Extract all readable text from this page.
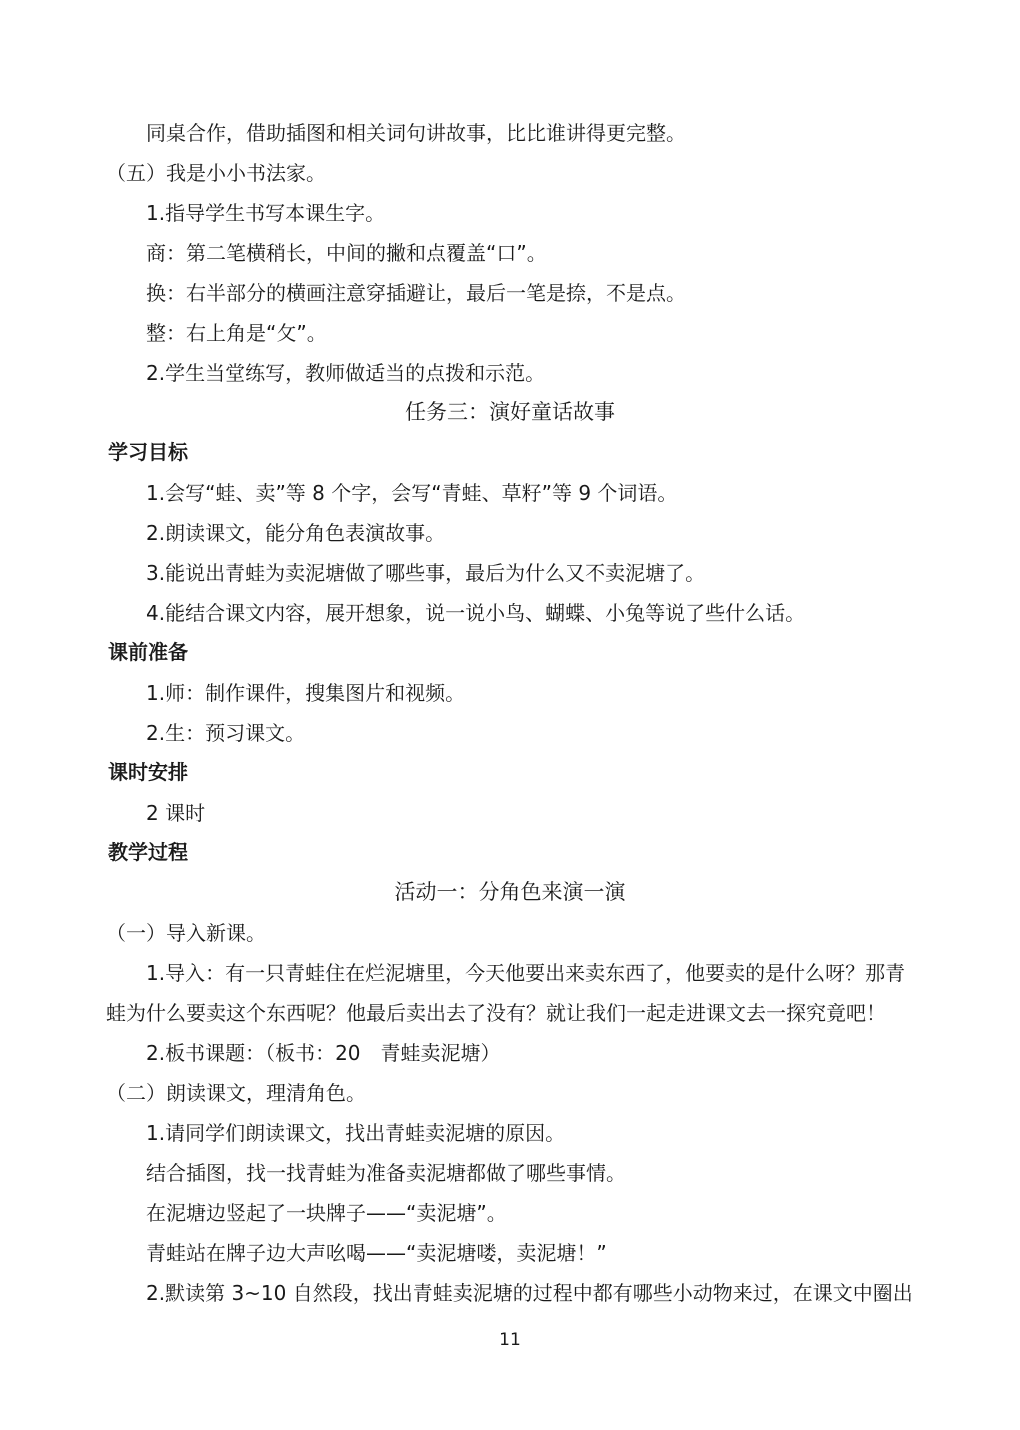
同桌合作，借助插图和相关词句讲故事，比比谁讲得更完整。
（五）我是小小书法家。
1.指导学生书写本课生字。
商：第二笔横稍长，中间的撇和点覆盖“口”。
换：右半部分的横画注意穿插避让，最后一笔是捺，不是点。
整：右上角是“攵”。
2.学生当堂练写，教师做适当的点拨和示范。
任务三：演好童话故事
学习目标
1.会写“蛙、卖”等 8 个字，会写“青蛙、草籽”等 9 个词语。
2.朗读课文，能分角色表演故事。
3.能说出青蛙为卖泥塘做了哪些事，最后为什么又不卖泥塘了。
4.能结合课文内容，展开想象，说一说小鸟、蝴蝶、小兔等说了些什么话。
课前准备
1.师：制作课件，搜集图片和视频。
2.生：预习课文。
课时安排
2 课时
教学过程
活动一：分角色来演一演
（一）导入新课。
1.导入：有一只青蛙住在烂泥塘里，今天他要出来卖东西了，他要卖的是什么呀？那青
蛙为什么要卖这个东西呢？他最后卖出去了没有？就让我们一起走进课文去一探究竟吧！
2.板书课题：（板书：20　青蛙卖泥塘）
（二）朗读课文，理清角色。
1.请同学们朗读课文，找出青蛙卖泥塘的原因。
结合插图，找一找青蛙为准备卖泥塘都做了哪些事情。
在泥塘边竖起了一块牌子——“卖泥塘”。
青蛙站在牌子边大声吆喝——“卖泥塘喽，卖泥塘！”
2.默读第 3~10 自然段，找出青蛙卖泥塘的过程中都有哪些小动物来过，在课文中圈出
11
